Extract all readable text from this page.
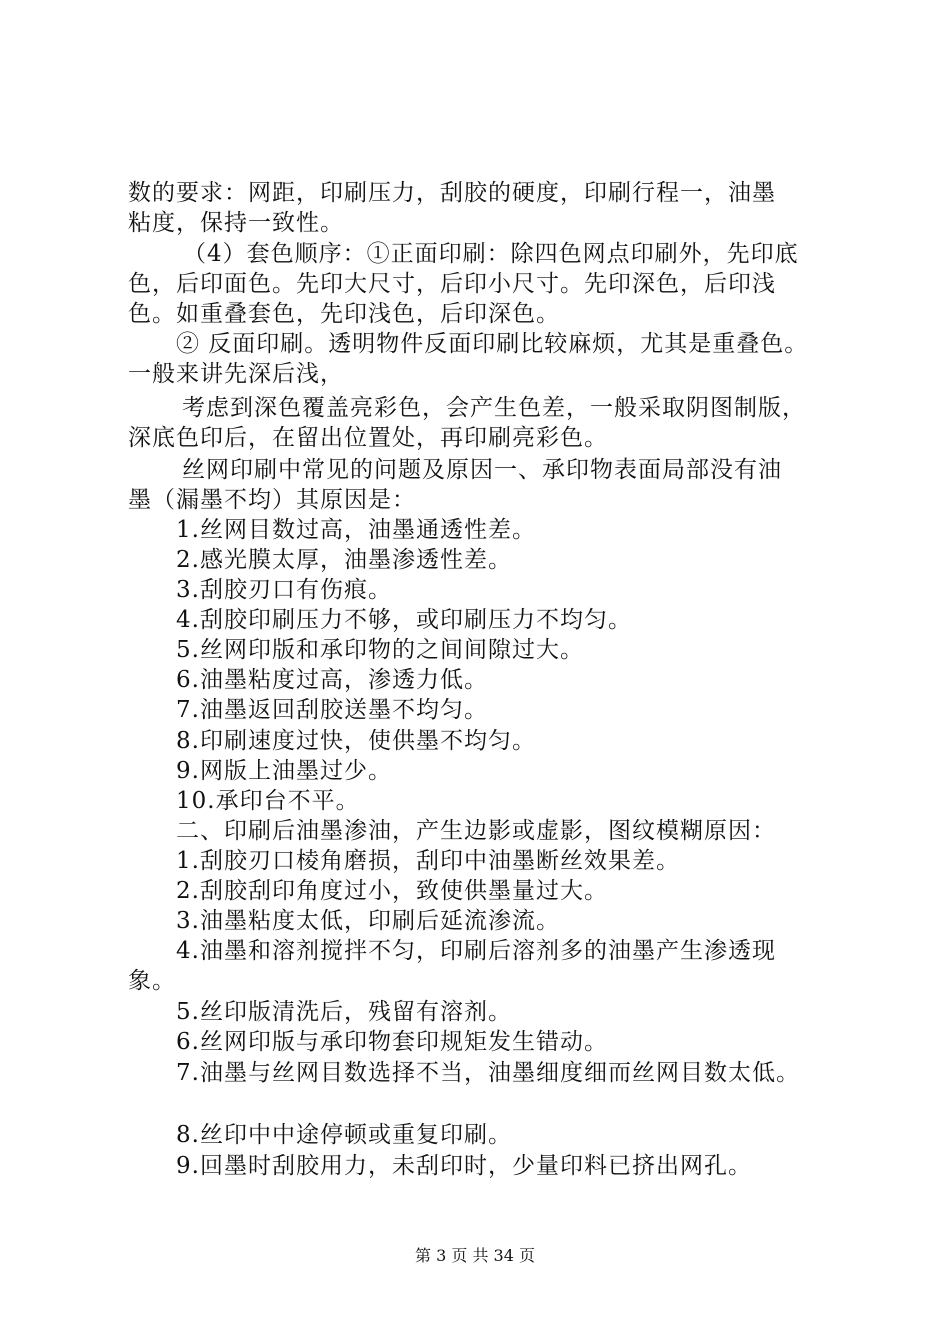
数的要求：网距，印刷压力，刮胶的硬度，印刷行程一，油墨
粘度，保持一致性。
（4）套色顺序：①正面印刷：除四色网点印刷外，先印底
色，后印面色。先印大尺寸，后印小尺寸。先印深色，后印浅
色。如重叠套色，先印浅色，后印深色。
② 反面印刷。透明物件反面印刷比较麻烦，尤其是重叠色。
一般来讲先深后浅，
考虑到深色覆盖亮彩色，会产生色差，一般采取阴图制版，
深底色印后，在留出位置处，再印刷亮彩色。
丝网印刷中常见的问题及原因一、承印物表面局部没有油
墨（漏墨不均）其原因是：
1.丝网目数过高，油墨通透性差。
2.感光膜太厚，油墨渗透性差。
3.刮胶刃口有伤痕。
4.刮胶印刷压力不够，或印刷压力不均匀。
5.丝网印版和承印物的之间间隙过大。
6.油墨粘度过高，渗透力低。
7.油墨返回刮胶送墨不均匀。
8.印刷速度过快，使供墨不均匀。
9.网版上油墨过少。
10.承印台不平。
二、印刷后油墨渗油，产生边影或虚影，图纹模糊原因：
1.刮胶刃口棱角磨损，刮印中油墨断丝效果差。
2.刮胶刮印角度过小，致使供墨量过大。
3.油墨粘度太低，印刷后延流渗流。
4.油墨和溶剂搅拌不匀，印刷后溶剂多的油墨产生渗透现
象。
5.丝印版清洗后，残留有溶剂。
6.丝网印版与承印物套印规矩发生错动。
7.油墨与丝网目数选择不当，油墨细度细而丝网目数太低。
8.丝印中中途停顿或重复印刷。
9.回墨时刮胶用力，未刮印时，少量印料已挤出网孔。
第 3 页 共 34 页
